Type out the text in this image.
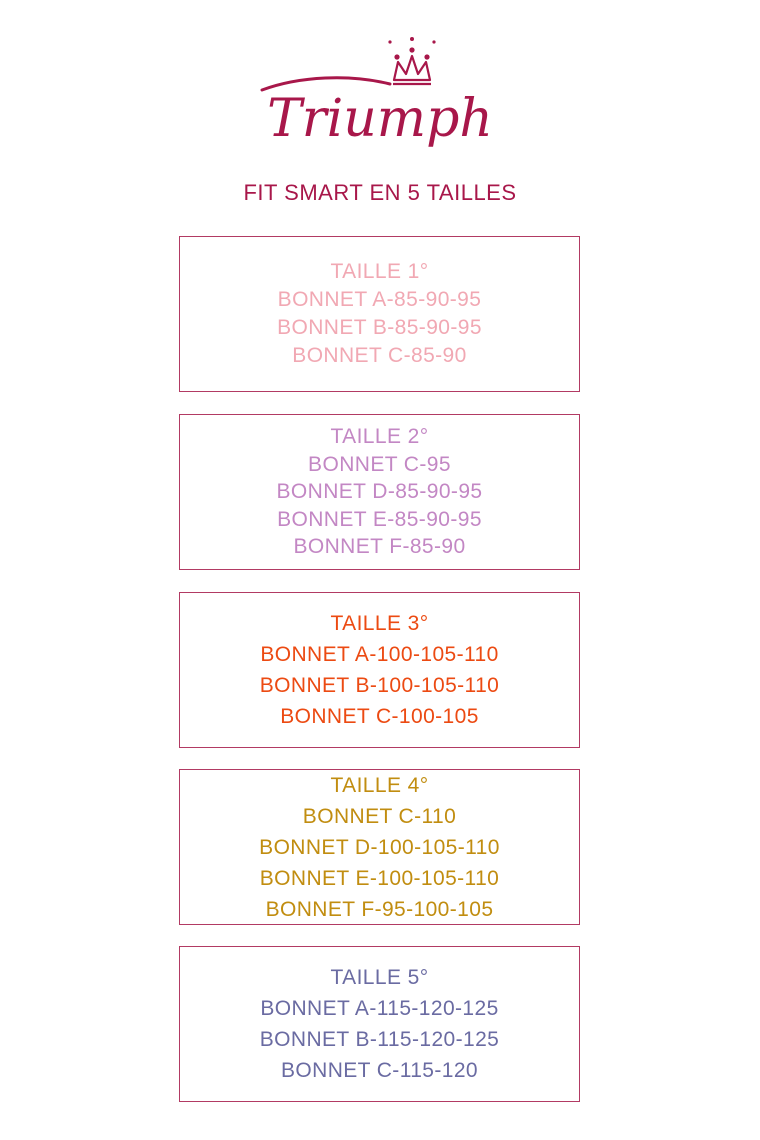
Triumph
FIT SMART EN 5 TAILLES
TAILLE 1°
BONNET A-85-90-95
BONNET B-85-90-95
BONNET C-85-90
TAILLE 2°
BONNET C-95
BONNET D-85-90-95
BONNET E-85-90-95
BONNET F-85-90
TAILLE 3°
BONNET A-100-105-110
BONNET B-100-105-110
BONNET C-100-105
TAILLE 4°
BONNET C-110
BONNET D-100-105-110
BONNET E-100-105-110
BONNET F-95-100-105
TAILLE 5°
BONNET A-115-120-125
BONNET B-115-120-125
BONNET C-115-120
